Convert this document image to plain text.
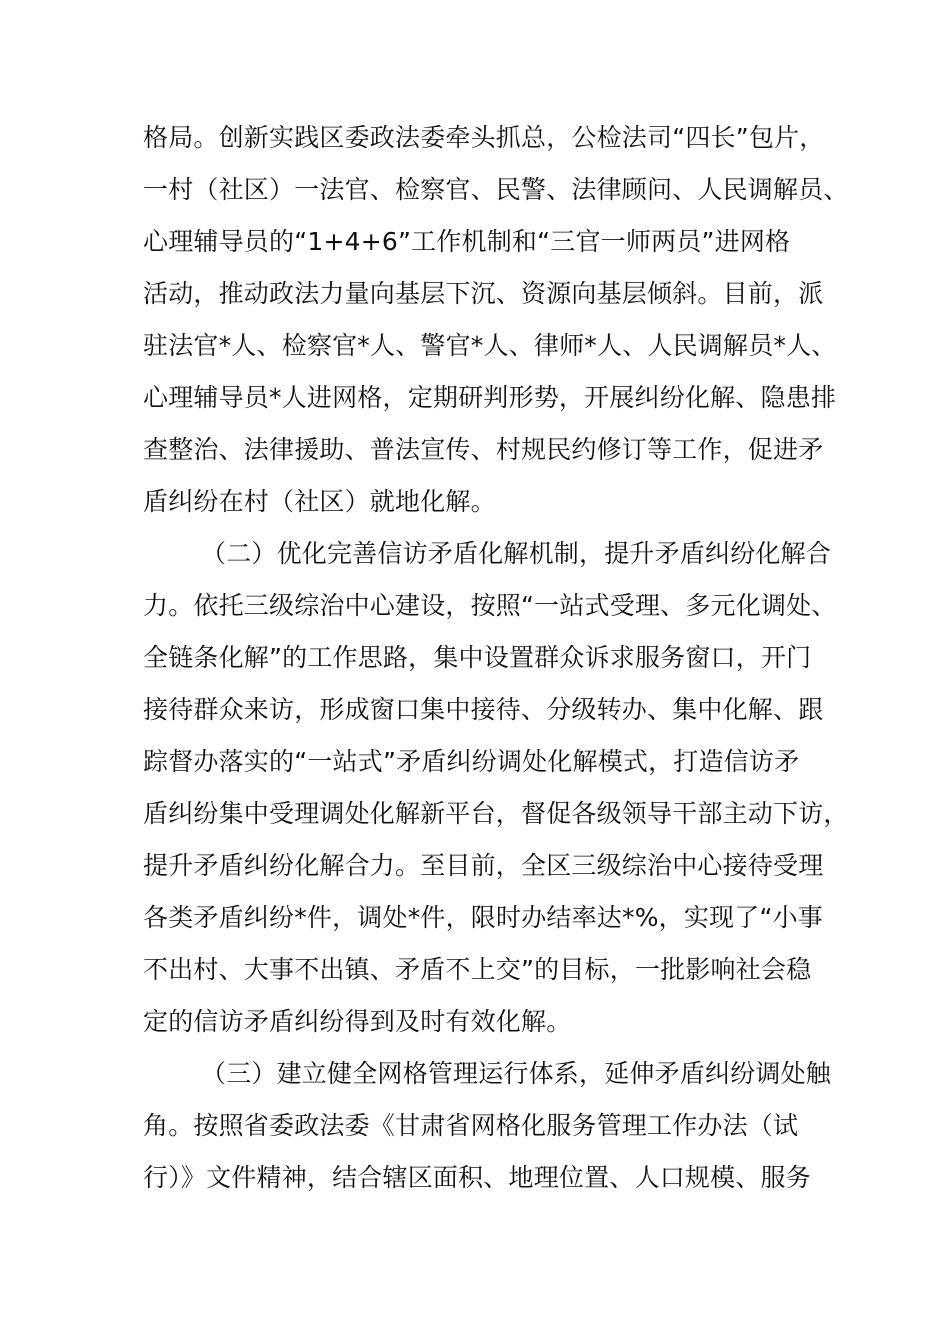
格局。创新实践区委政法委牵头抓总，公检法司“四长”包片，
一村（社区）一法官、检察官、民警、法律顾问、人民调解员、
心理辅导员的“1+4+6”工作机制和“三官一师两员”进网格
活动，推动政法力量向基层下沉、资源向基层倾斜。目前，派
驻法官*人、检察官*人、警官*人、律师*人、人民调解员*人、
心理辅导员*人进网格，定期研判形势，开展纠纷化解、隐患排
查整治、法律援助、普法宣传、村规民约修订等工作，促进矛
盾纠纷在村（社区）就地化解。
（二）优化完善信访矛盾化解机制，提升矛盾纠纷化解合
力。依托三级综治中心建设，按照“一站式受理、多元化调处、
全链条化解”的工作思路，集中设置群众诉求服务窗口，开门
接待群众来访，形成窗口集中接待、分级转办、集中化解、跟
踪督办落实的“一站式”矛盾纠纷调处化解模式，打造信访矛
盾纠纷集中受理调处化解新平台，督促各级领导干部主动下访，
提升矛盾纠纷化解合力。至目前，全区三级综治中心接待受理
各类矛盾纠纷*件，调处*件，限时办结率达*%，实现了“小事
不出村、大事不出镇、矛盾不上交”的目标，一批影响社会稳
定的信访矛盾纠纷得到及时有效化解。
（三）建立健全网格管理运行体系，延伸矛盾纠纷调处触
角。按照省委政法委《甘肃省网格化服务管理工作办法（试
行）》文件精神，结合辖区面积、地理位置、人口规模、服务
